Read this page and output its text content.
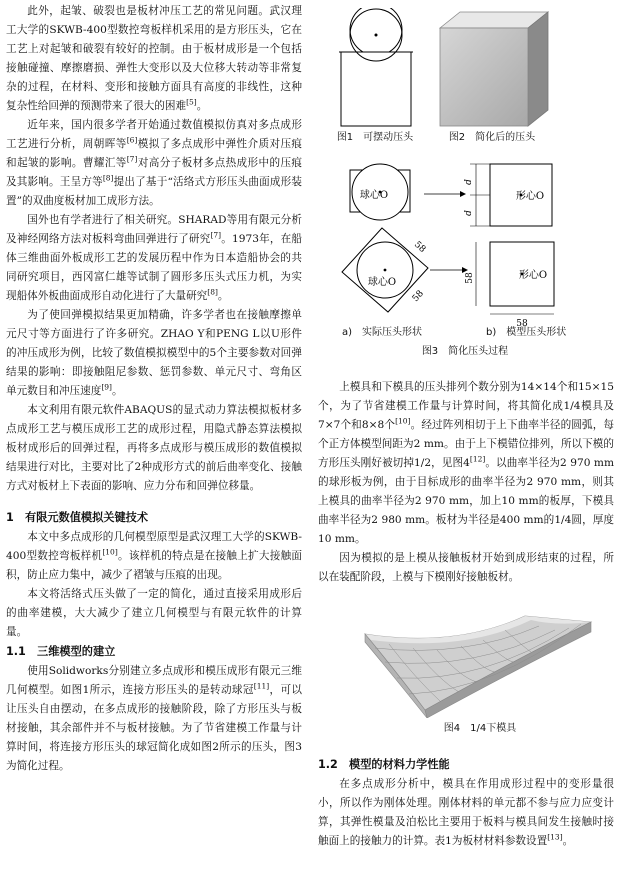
此外，起皱、破裂也是板材冲压工艺的常见问题。武汉理工大学的SKWB-400型数控弯板样机采用的是方形压头，它在工艺上对起皱和破裂有较好的控制。由于板材成形是一个包括接触碰撞、摩擦磨损、弹性大变形以及大位移大转动等非常复杂的过程，在材料、变形和接触方面具有高度的非线性，这种复杂性给回弹的预测带来了很大的困难[5]。

近年来，国内很多学者开始通过数值模拟仿真对多点成形工艺进行分析，周朝晖等[6]模拟了多点成形中弹性介质对压痕和起皱的影响。曹耀汇等[7]对高分子板材多点热成形中的压痕及其影响。王呈方等[8]提出了基于“活络式方形压头曲面成形装置”的双曲度板材加工成形方法。

国外也有学者进行了相关研究。SHARAD等用有限元分析及神经网络方法对板料弯曲回弹进行了研究[7]。1973年，在船体三维曲面外板成形工艺的发展历程中作为日本造船协会的共同研究项目，西冈富仁雄等试制了圆形多压头式压力机，为实现船体外板曲面成形自动化进行了大量研究[8]。

为了使回弹模拟结果更加精确，许多学者也在接触摩擦单元尺寸等方面进行了许多研究。ZHAO Y和PENG L以U形件的冲压成形为例，比较了数值模拟模型中的5个主要参数对回弹结果的影响：即接触阻尼参数、惩罚参数、单元尺寸、弯角区单元数目和冲压速度[9]。

本文利用有限元软件ABAQUS的显式动力算法模拟板材多点成形工艺与模压成形工艺的成形过程，用隐式静态算法模拟板材成形后的回弹过程，再将多点成形与模压成形的数值模拟结果进行对比，主要对比了2种成形方式的前后曲率变化、接触方式对板材上下表面的影响、应力分布和回弹位移量。

1　有限元数值模拟关键技术

本文中多点成形的几何模型原型是武汉理工大学的SKWB-400型数控弯板样机[10]。该样机的特点是在接触上扩大接触面积，防止应力集中，减少了褶皱与压痕的出现。

本文将活络式压头做了一定的简化，通过直接采用成形后的曲率建模，大大减少了建立几何模型与有限元软件的计算量。

1.1　三维模型的建立

使用Solidworks分别建立多点成形和模压成形有限元三维几何模型。如图1所示，连接方形压头的是转动球冠[11]，可以让压头自由摆动，在多点成形的接触阶段，除了方形压头与板材接触，其余部件并不与板材接触。为了节省建模工作量与计算时间，将连接方形压头的球冠简化成如图2所示的压头，图3为简化过程。

图1　可摆动压头	图2　简化后的压头
球心O	形心O
d
d
球心O
58
58
形心O
58
58
a)　实际压头形状	b)　模型压头形状
图3　简化压头过程

上模具和下模具的压头排列个数分别为14×14个和15×15个，为了节省建模工作量与计算时间，将其简化成1/4模具及7×7个和8×8个[10]。经过阵列相切于上下曲率半径的圆弧，每个正方体模型间距为2 mm。由于上下模错位排列，所以下模的方形压头刚好被切掉1/2，见图4[12]。以曲率半径为2 970 mm的球形板为例，由于目标成形的曲率半径为2 970 mm，则其上模具的曲率半径为2 970 mm，加上10 mm的板厚，下模具曲率半径为2 980 mm。板材为半径是400 mm的1/4圆，厚度10 mm。

因为模拟的是上模从接触板材开始到成形结束的过程，所以在装配阶段，上模与下模刚好接触板材。

图4　1/4下模具
1.2　模型的材料力学性能

在多点成形分析中，模具在作用成形过程中的变形量很小，所以作为刚体处理。刚体材料的单元都不参与应力应变计算，其弹性模量及泊松比主要用于板料与模具间发生接触时接触面上的接触力的计算。表1为板材材料参数设置[13]。
